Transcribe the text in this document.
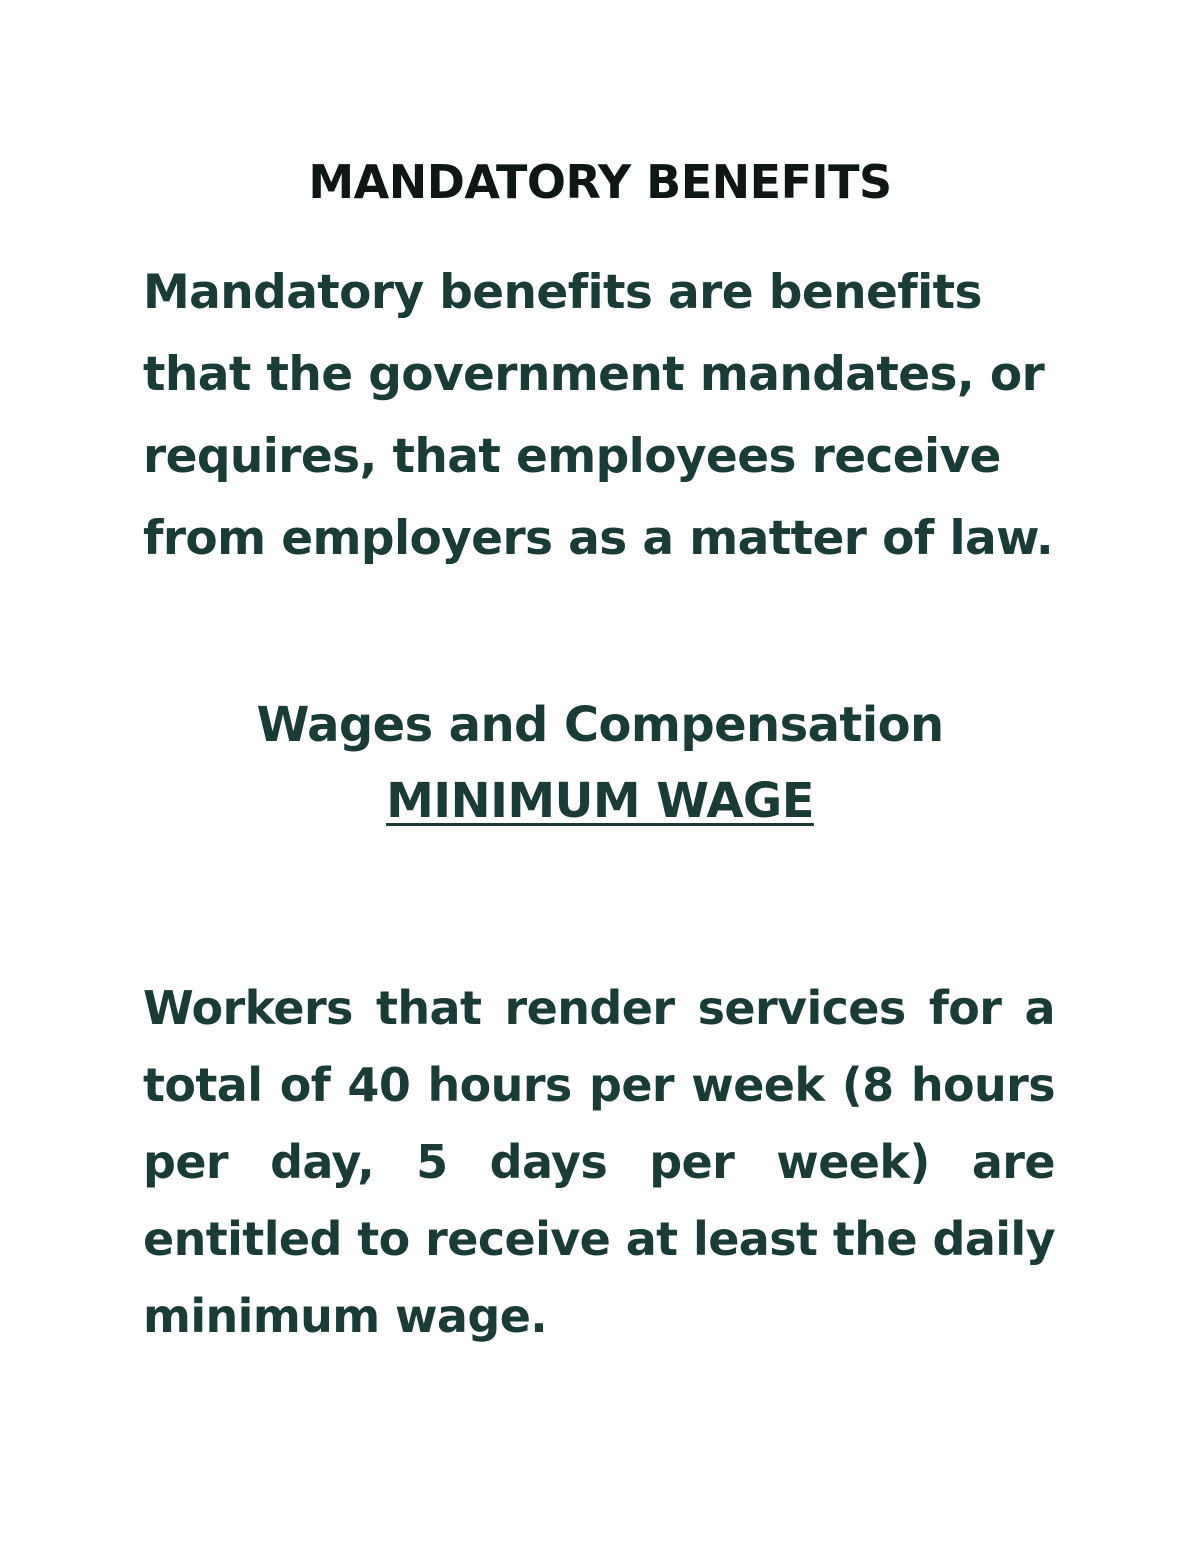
MANDATORY BENEFITS
Mandatory benefits are benefits
that the government mandates, or
requires, that employees receive
from employers as a matter of law.
Wages and Compensation
MINIMUM WAGE
Workers that render services for a total of 40 hours per week (8 hours per day, 5 days per week) are entitled to receive at least the daily minimum wage.
